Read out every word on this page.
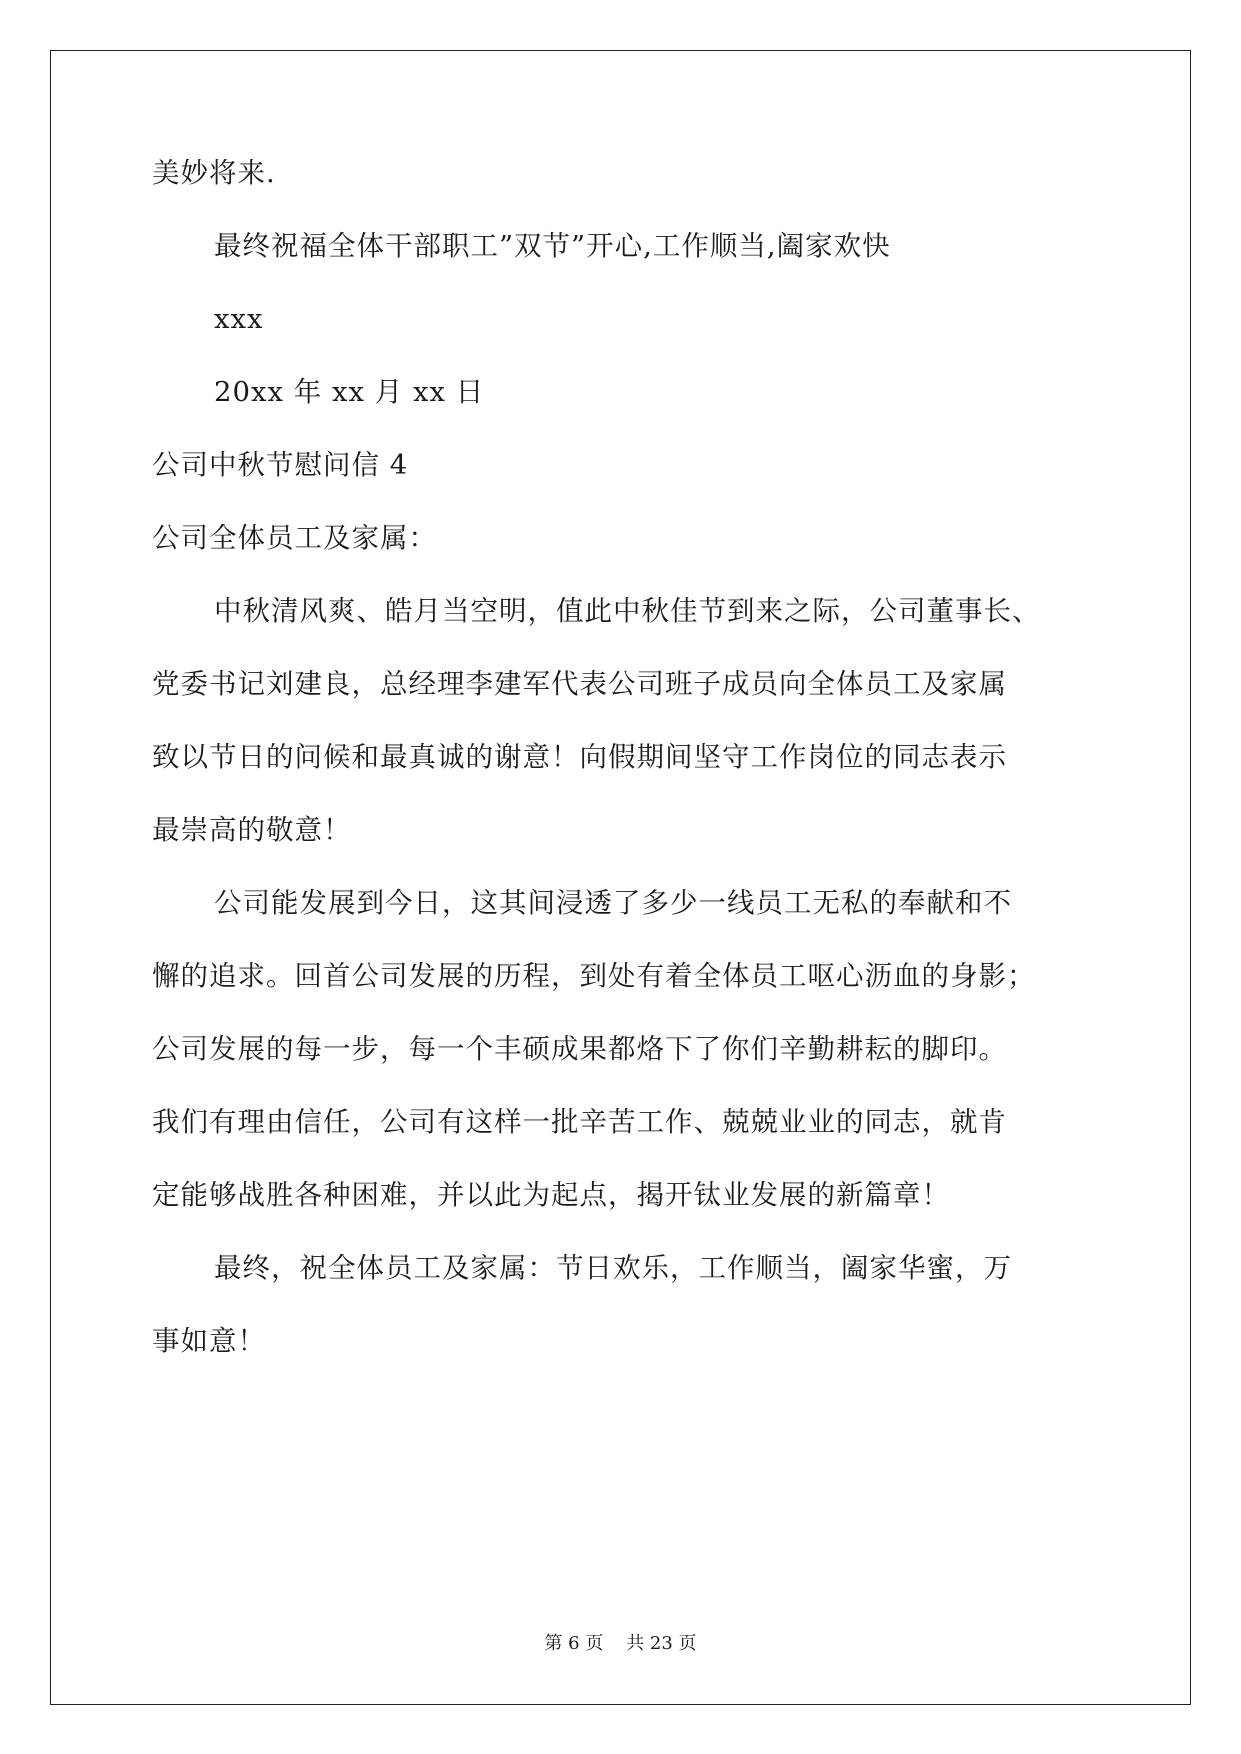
美妙将来.
最终祝福全体干部职工”双节”开心,工作顺当,阖家欢快
xxx
20xx 年 xx 月 xx 日
公司中秋节慰问信 4
公司全体员工及家属：
中秋清风爽、皓月当空明，值此中秋佳节到来之际，公司董事长、
党委书记刘建良，总经理李建军代表公司班子成员向全体员工及家属
致以节日的问候和最真诚的谢意！向假期间坚守工作岗位的同志表示
最崇高的敬意！
公司能发展到今日，这其间浸透了多少一线员工无私的奉献和不
懈的追求。回首公司发展的历程，到处有着全体员工呕心沥血的身影；
公司发展的每一步，每一个丰硕成果都烙下了你们辛勤耕耘的脚印。
我们有理由信任，公司有这样一批辛苦工作、兢兢业业的同志，就肯
定能够战胜各种困难，并以此为起点，揭开钛业发展的新篇章！
最终，祝全体员工及家属：节日欢乐，工作顺当，阖家华蜜，万
事如意！
第 6 页    共 23 页
